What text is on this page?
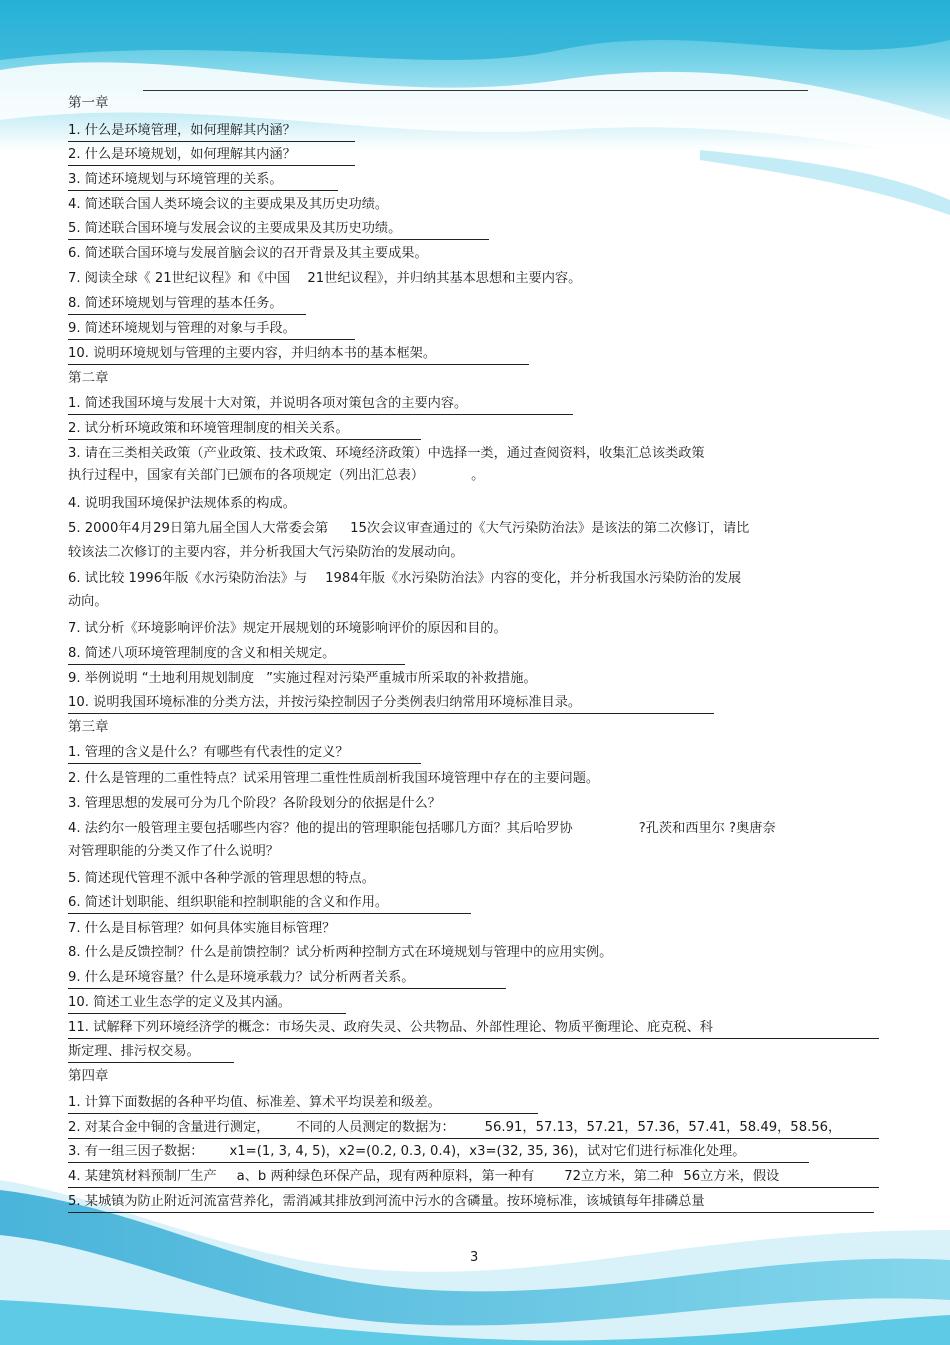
第一章
1. 什么是环境管理，如何理解其内涵？
2. 什么是环境规划，如何理解其内涵？
3. 简述环境规划与环境管理的关系。
4. 简述联合国人类环境会议的主要成果及其历史功绩。
5. 简述联合国环境与发展会议的主要成果及其历史功绩。
6. 简述联合国环境与发展首脑会议的召开背景及其主要成果。
7. 阅读全球《 21世纪议程》和《中国 21世纪议程》，并归纳其基本思想和主要内容。
8. 简述环境规划与管理的基本任务。
9. 简述环境规划与管理的对象与手段。
10. 说明环境规划与管理的主要内容，并归纳本书的基本框架。
第二章
1. 简述我国环境与发展十大对策，并说明各项对策包含的主要内容。
2. 试分析环境政策和环境管理制度的相关关系。
3. 请在三类相关政策（产业政策、技术政策、环境经济政策）中选择一类，通过查阅资料，收集汇总该类政策
执行过程中，国家有关部门已颁布的各项规定（列出汇总表）	。
4. 说明我国环境保护法规体系的构成。
5. 2000年4月29日第九届全国人大常委会第 15次会议审查通过的《大气污染防治法》是该法的第二次修订，请比
较该法二次修订的主要内容，并分析我国大气污染防治的发展动向。
6. 试比较 1996年版《水污染防治法》与 1984年版《水污染防治法》内容的变化，并分析我国水污染防治的发展
动向。
7. 试分析《环境影响评价法》规定开展规划的环境影响评价的原因和目的。
8. 简述八项环境管理制度的含义和相关规定。
9. 举例说明 “土地利用规划制度 ”实施过程对污染严重城市所采取的补救措施。
10. 说明我国环境标准的分类方法，并按污染控制因子分类例表归纳常用环境标准目录。
第三章
1. 管理的含义是什么？有哪些有代表性的定义？
2. 什么是管理的二重性特点？试采用管理二重性性质剖析我国环境管理中存在的主要问题。
3. 管理思想的发展可分为几个阶段？各阶段划分的依据是什么？
4. 法约尔一般管理主要包括哪些内容？他的提出的管理职能包括哪几方面？其后哈罗协	?孔茨和西里尔 ?奥唐奈
对管理职能的分类又作了什么说明？
5. 简述现代管理不派中各种学派的管理思想的特点。
6. 简述计划职能、组织职能和控制职能的含义和作用。
7. 什么是目标管理？如何具体实施目标管理？
8. 什么是反馈控制？什么是前馈控制？试分析两种控制方式在环境规划与管理中的应用实例。
9. 什么是环境容量？什么是环境承载力？试分析两者关系。
10. 简述工业生态学的定义及其内涵。
11. 试解释下列环境经济学的概念：市场失灵、政府失灵、公共物品、外部性理论、物质平衡理论、庇克税、科
斯定理、排污权交易。
第四章
1. 计算下面数据的各种平均值、标准差、算术平均误差和级差。
2. 对某合金中铜的含量进行测定， 不同的人员测定的数据为： 56.91，57.13，57.21，57.36，57.41，58.49，58.56，
3. 有一组三因子数据： x1=(1, 3, 4, 5)，x2=(0.2, 0.3, 0.4)，x3=(32, 35, 36)，试对它们进行标准化处理。
4. 某建筑材料预制厂生产 a、b 两种绿色环保产品，现有两种原料，第一种有 72立方米，第二种 56立方米，假设
5. 某城镇为防止附近河流富营养化，需消减其排放到河流中污水的含磷量。按环境标准，该城镇每年排磷总量
3
